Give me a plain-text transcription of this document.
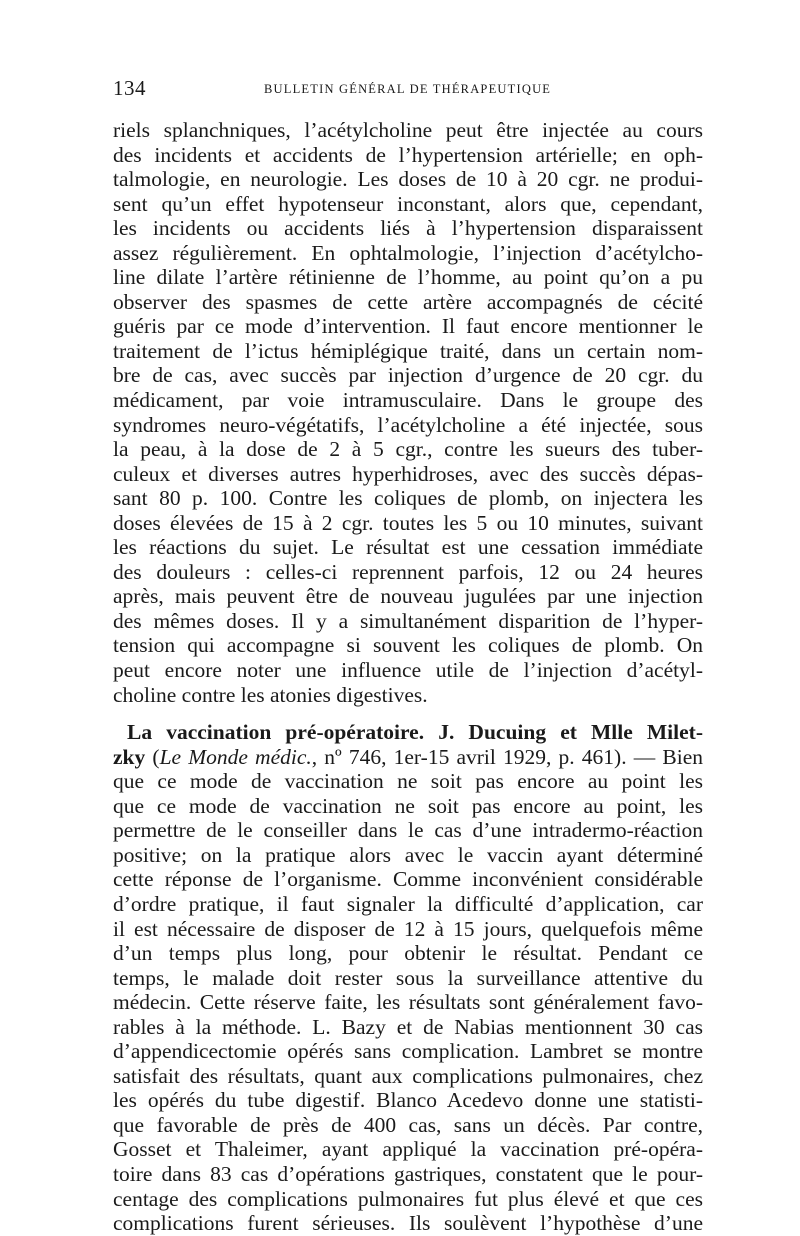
134	BULLETIN GÉNÉRAL DE THÉRAPEUTIQUE
riels splanchniques, l’acétylcholine peut être injectée au cours
des incidents et accidents de l’hypertension artérielle; en oph-
talmologie, en neurologie. Les doses de 10 à 20 cgr. ne produi-
sent qu’un effet hypotenseur inconstant, alors que, cependant,
les incidents ou accidents liés à l’hypertension disparaissent
assez régulièrement. En ophtalmologie, l’injection d’acétylcho-
line dilate l’artère rétinienne de l’homme, au point qu’on a pu
observer des spasmes de cette artère accompagnés de cécité
guéris par ce mode d’intervention. Il faut encore mentionner le
traitement de l’ictus hémiplégique traité, dans un certain nom-
bre de cas, avec succès par injection d’urgence de 20 cgr. du
médicament, par voie intramusculaire. Dans le groupe des
syndromes neuro-végétatifs, l’acétylcholine a été injectée, sous
la peau, à la dose de 2 à 5 cgr., contre les sueurs des tuber-
culeux et diverses autres hyperhidroses, avec des succès dépas-
sant 80 p. 100. Contre les coliques de plomb, on injectera les
doses élevées de 15 à 2 cgr. toutes les 5 ou 10 minutes, suivant
les réactions du sujet. Le résultat est une cessation immédiate
des douleurs : celles-ci reprennent parfois, 12 ou 24 heures
après, mais peuvent être de nouveau jugulées par une injection
des mêmes doses. Il y a simultanément disparition de l’hyper-
tension qui accompagne si souvent les coliques de plomb. On
peut encore noter une influence utile de l’injection d’acétyl-
choline contre les atonies digestives.
La vaccination pré-opératoire. J. Ducuing et Mlle Milet-
zky (Le Monde médic., nº 746, 1er-15 avril 1929, p. 461). — Bien
que ce mode de vaccination ne soit pas encore au point les
que ce mode de vaccination ne soit pas encore au point, les
permettre de le conseiller dans le cas d’une intradermo-réaction
positive; on la pratique alors avec le vaccin ayant déterminé
cette réponse de l’organisme. Comme inconvénient considérable
d’ordre pratique, il faut signaler la difficulté d’application, car
il est nécessaire de disposer de 12 à 15 jours, quelquefois même
d’un temps plus long, pour obtenir le résultat. Pendant ce
temps, le malade doit rester sous la surveillance attentive du
médecin. Cette réserve faite, les résultats sont généralement favo-
rables à la méthode. L. Bazy et de Nabias mentionnent 30 cas
d’appendicectomie opérés sans complication. Lambret se montre
satisfait des résultats, quant aux complications pulmonaires, chez
les opérés du tube digestif. Blanco Acedevo donne une statisti-
que favorable de près de 400 cas, sans un décès. Par contre,
Gosset et Thaleimer, ayant appliqué la vaccination pré-opéra-
toire dans 83 cas d’opérations gastriques, constatent que le pour-
centage des complications pulmonaires fut plus élevé et que ces
complications furent sérieuses. Ils soulèvent l’hypothèse d’une
